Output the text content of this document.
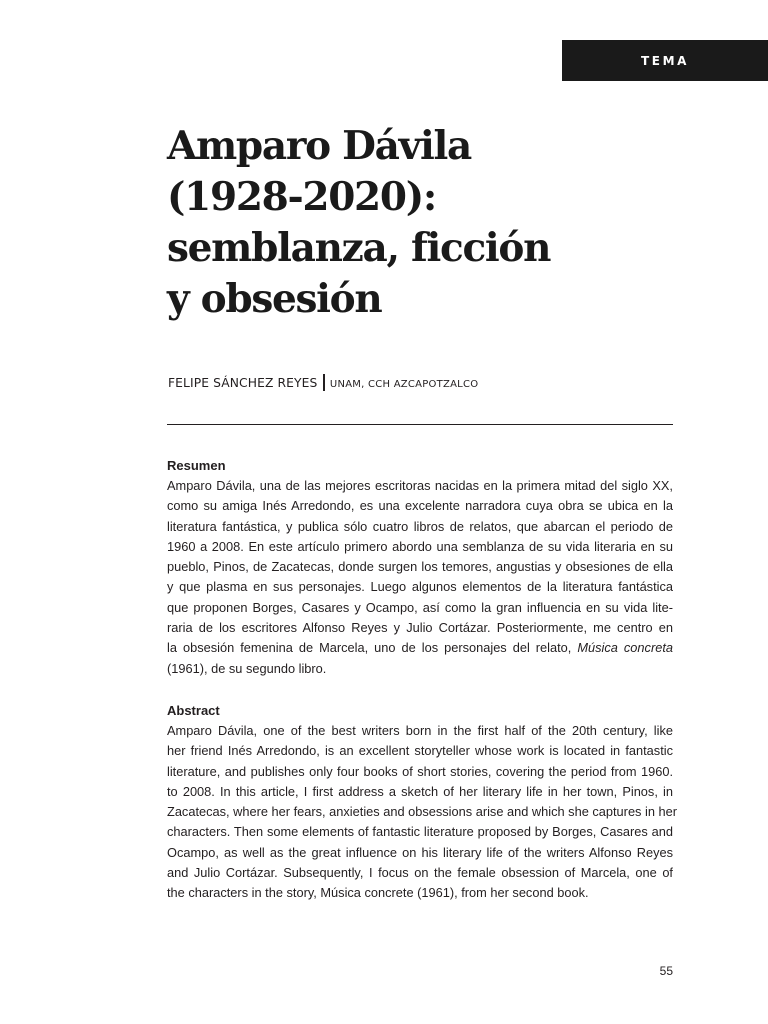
TEMA
Amparo Dávila
(1928-2020):
semblanza, ficción
y obsesión
FELIPE SÁNCHEZ REYES UNAM, CCH AZCAPOTZALCO
Resumen

Amparo Dávila, una de las mejores escritoras nacidas en la primera mitad del siglo XX,
como su amiga Inés Arredondo, es una excelente narradora cuya obra se ubica en la
literatura fantástica, y publica sólo cuatro libros de relatos, que abarcan el periodo de
1960 a 2008. En este artículo primero abordo una semblanza de su vida literaria en su
pueblo, Pinos, de Zacatecas, donde surgen los temores, angustias y obsesiones de ella
y que plasma en sus personajes. Luego algunos elementos de la literatura fantástica
que proponen Borges, Casares y Ocampo, así como la gran influencia en su vida lite-
raria de los escritores Alfonso Reyes y Julio Cortázar. Posteriormente, me centro en
la obsesión femenina de Marcela, uno de los personajes del relato, Música concreta
(1961), de su segundo libro.

Abstract

Amparo Dávila, one of the best writers born in the first half of the 20th century, like
her friend Inés Arredondo, is an excellent storyteller whose work is located in fantastic
literature, and publishes only four books of short stories, covering the period from 1960.
to 2008. In this article, I first address a sketch of her literary life in her town, Pinos, in
Zacatecas, where her fears, anxieties and obsessions arise and which she captures in her
characters. Then some elements of fantastic literature proposed by Borges, Casares and
Ocampo, as well as the great influence on his literary life of the writers Alfonso Reyes
and Julio Cortázar. Subsequently, I focus on the female obsession of Marcela, one of
the characters in the story, Música concrete (1961), from her second book.

55
